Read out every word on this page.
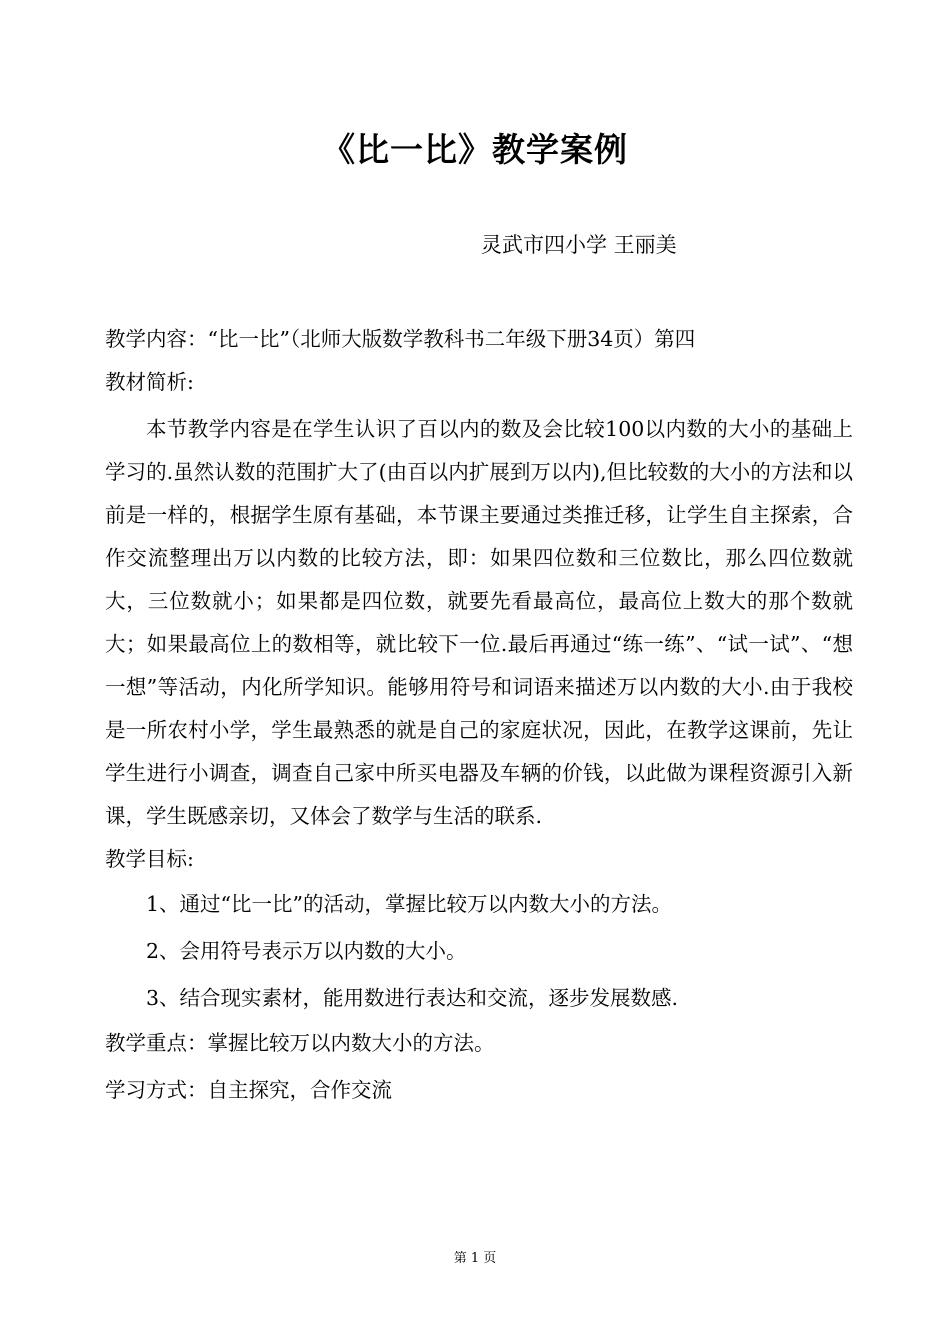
《比一比》教学案例
灵武市四小学 王丽美
教学内容：“比一比”（北师大版数学教科书二年级下册34页）第四
教材简析:

本节教学内容是在学生认识了百以内的数及会比较100以内数的大小的基础上学习的.虽然认数的范围扩大了(由百以内扩展到万以内),但比较数的大小的方法和以前是一样的，根据学生原有基础，本节课主要通过类推迁移，让学生自主探索，合作交流整理出万以内数的比较方法，即：如果四位数和三位数比，那么四位数就大，三位数就小；如果都是四位数，就要先看最高位，最高位上数大的那个数就大；如果最高位上的数相等，就比较下一位.最后再通过“练一练”、“试一试”、“想一想”等活动，内化所学知识。能够用符号和词语来描述万以内数的大小.由于我校是一所农村小学，学生最熟悉的就是自己的家庭状况，因此，在教学这课前，先让学生进行小调查，调查自己家中所买电器及车辆的价钱，以此做为课程资源引入新课，学生既感亲切，又体会了数学与生活的联系.

教学目标:
1、通过“比一比”的活动，掌握比较万以内数大小的方法。
2、会用符号表示万以内数的大小。
3、结合现实素材，能用数进行表达和交流，逐步发展数感.
教学重点：掌握比较万以内数大小的方法。
学习方式：自主探究，合作交流
第 1 页
